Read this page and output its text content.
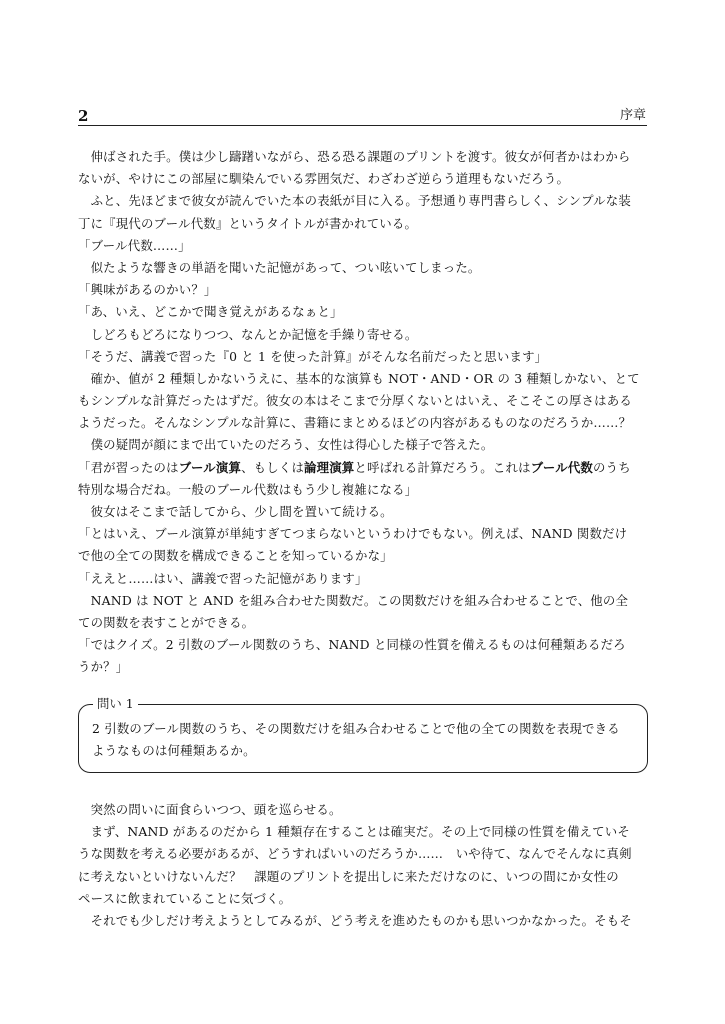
2	序章
　伸ばされた手。僕は少し躊躇いながら、恐る恐る課題のプリントを渡す。彼女が何者かはわから
ないが、やけにこの部屋に馴染んでいる雰囲気だ、わざわざ逆らう道理もないだろう。
　ふと、先ほどまで彼女が読んでいた本の表紙が目に入る。予想通り専門書らしく、シンプルな装
丁に『現代のブール代数』というタイトルが書かれている。
「ブール代数……」
　似たような響きの単語を聞いた記憶があって、つい呟いてしまった。
「興味があるのかい？」
「あ、いえ、どこかで聞き覚えがあるなぁと」
　しどろもどろになりつつ、なんとか記憶を手繰り寄せる。
「そうだ、講義で習った『0 と 1 を使った計算』がそんな名前だったと思います」
　確か、値が 2 種類しかないうえに、基本的な演算も NOT・AND・OR の 3 種類しかない、とて
もシンプルな計算だったはずだ。彼女の本はそこまで分厚くないとはいえ、そこそこの厚さはある
ようだった。そんなシンプルな計算に、書籍にまとめるほどの内容があるものなのだろうか……？
　僕の疑問が顔にまで出ていたのだろう、女性は得心した様子で答えた。
「君が習ったのはブール演算、もしくは論理演算と呼ばれる計算だろう。これはブール代数のうち
特別な場合だね。一般のブール代数はもう少し複雑になる」
　彼女はそこまで話してから、少し間を置いて続ける。
「とはいえ、ブール演算が単純すぎてつまらないというわけでもない。例えば、NAND 関数だけ
で他の全ての関数を構成できることを知っているかな」
「ええと……はい、講義で習った記憶があります」
　NAND は NOT と AND を組み合わせた関数だ。この関数だけを組み合わせることで、他の全
ての関数を表すことができる。
「ではクイズ。2 引数のブール関数のうち、NAND と同様の性質を備えるものは何種類あるだろ
うか？」
問い 1
2 引数のブール関数のうち、その関数だけを組み合わせることで他の全ての関数を表現できる
ようなものは何種類あるか。
　突然の問いに面食らいつつ、頭を巡らせる。
　まず、NAND があるのだから 1 種類存在することは確実だ。その上で同様の性質を備えていそ
うな関数を考える必要があるが、どうすればいいのだろうか……　いや待て、なんでそんなに真剣
に考えないといけないんだ？　課題のプリントを提出しに来ただけなのに、いつの間にか女性の
ペースに飲まれていることに気づく。
　それでも少しだけ考えようとしてみるが、どう考えを進めたものかも思いつかなかった。そもそ
